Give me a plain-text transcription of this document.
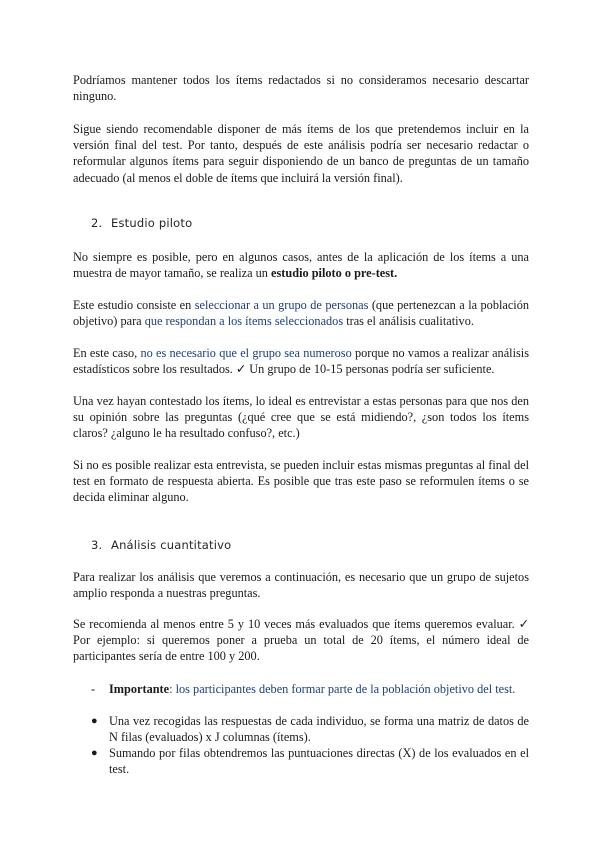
Podríamos mantener todos los ítems redactados si no consideramos necesario descartar ninguno.

Sigue siendo recomendable disponer de más ítems de los que pretendemos incluir en la versión final del test. Por tanto, después de este análisis podría ser necesario redactar o reformular algunos ítems para seguir disponiendo de un banco de preguntas de un tamaño adecuado (al menos el doble de ítems que incluirá la versión final).

2. Estudio piloto

No siempre es posible, pero en algunos casos, antes de la aplicación de los ítems a una muestra de mayor tamaño, se realiza un estudio piloto o pre-test.

Este estudio consiste en seleccionar a un grupo de personas (que pertenezcan a la población objetivo) para que respondan a los ítems seleccionados tras el análisis cualitativo.

En este caso, no es necesario que el grupo sea numeroso porque no vamos a realizar análisis estadísticos sobre los resultados. ✓ Un grupo de 10-15 personas podría ser suficiente.

Una vez hayan contestado los ítems, lo ideal es entrevistar a estas personas para que nos den su opinión sobre las preguntas (¿qué cree que se está midiendo?, ¿son todos los ítems claros? ¿alguno le ha resultado confuso?, etc.)

Si no es posible realizar esta entrevista, se pueden incluir estas mismas preguntas al final del test en formato de respuesta abierta. Es posible que tras este paso se reformulen ítems o se decida eliminar alguno.

3. Análisis cuantitativo

Para realizar los análisis que veremos a continuación, es necesario que un grupo de sujetos amplio responda a nuestras preguntas.

Se recomienda al menos entre 5 y 10 veces más evaluados que ítems queremos evaluar. ✓ Por ejemplo: si queremos poner a prueba un total de 20 ítems, el número ideal de participantes sería de entre 100 y 200.

- Importante: los participantes deben formar parte de la población objetivo del test.

● Una vez recogidas las respuestas de cada individuo, se forma una matriz de datos de N filas (evaluados) x J columnas (ítems).
● Sumando por filas obtendremos las puntuaciones directas (X) de los evaluados en el test.
